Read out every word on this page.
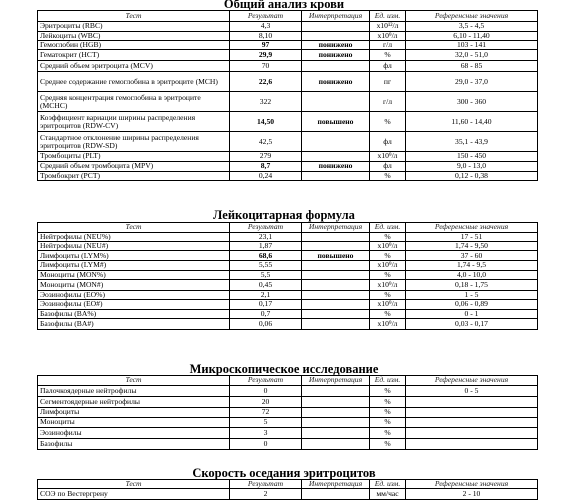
Общий анализ крови
Тест	Результат	Интерпретация	Ед. изм.	Референсные значения
Эритроциты (RBC)	4,3		х10¹²/л	3,5 - 4,5
Лейкоциты (WBC)	8,10		х10⁹/л	6,10 - 11,40
Гемоглобин (HGB)	97	понижено	г/л	103 - 141
Гематокрит (HCT)	29,9	понижено	%	32,0 - 51,0
Средний объем эритроцита (MCV)	70		фл	68 - 85
Среднее содержание гемоглобина в эритроците (MCH)	22,6	понижено	пг	29,0 - 37,0
Средняя концентрация гемоглобина в эритроците (MCHC)	322		г/л	300 - 360
Коэффициент вариации ширины распределения эритроцитов (RDW-CV)	14,50	повышено	%	11,60 - 14,40
Стандартное отклонение ширины распределения эритроцитов (RDW-SD)	42,5		фл	35,1 - 43,9
Тромбоциты (PLT)	279		х10⁹/л	150 - 450
Средний объем тромбоцита (MPV)	8,7	понижено	фл	9,0 - 13,0
Тромбокрит (PCT)	0,24		%	0,12 - 0,38
Лейкоцитарная формула
Тест	Результат	Интерпретация	Ед. изм.	Референсные значения
Нейтрофилы (NEU%)	23,1		%	17 - 51
Нейтрофилы (NEU#)	1,87		х10⁹/л	1,74 - 9,50
Лимфоциты (LYM%)	68,6	повышено	%	37 - 60
Лимфоциты (LYM#)	5,55		х10⁹/л	1,74 - 9,5
Моноциты (MON%)	5,5		%	4,0 - 10,0
Моноциты (MON#)	0,45		х10⁹/л	0,18 - 1,75
Эозинофилы (EO%)	2,1		%	1 - 5
Эозинофилы (EO#)	0,17		х10⁹/л	0,06 - 0,89
Базофилы (BA%)	0,7		%	0 - 1
Базофилы (BA#)	0,06		х10⁹/л	0,03 - 0,17
Микроскопическое исследование
Тест	Результат	Интерпретация	Ед. изм.	Референсные значения
Палочкоядерные нейтрофилы	0		%	0 - 5
Сегментоядерные нейтрофилы	20		%	
Лимфоциты	72		%	
Моноциты	5		%	
Эозинофилы	3		%	
Базофилы	0		%	
Скорость оседания эритроцитов
Тест	Результат	Интерпретация	Ед. изм.	Референсные значения
СОЭ по Вестергрену	2		мм/час	2 - 10
